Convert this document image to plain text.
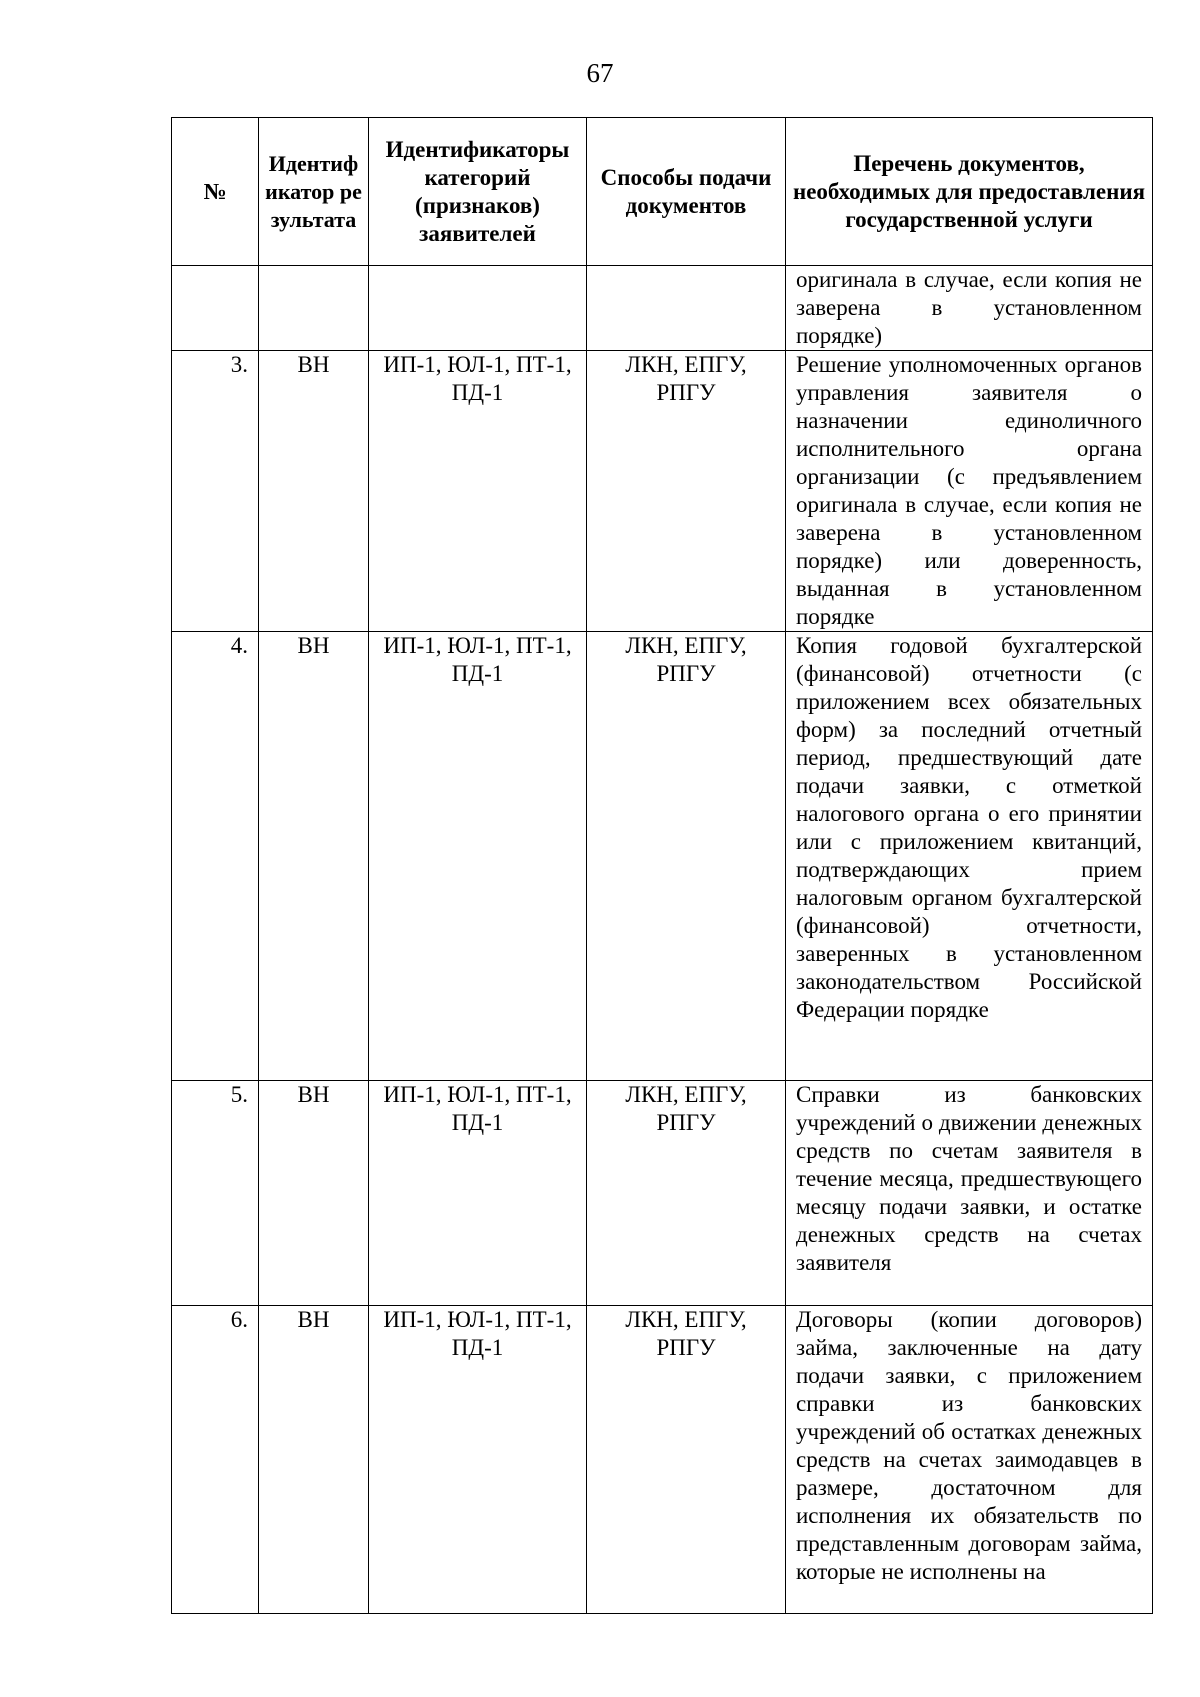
67
№	Идентификатор результата	Идентификаторы категорий (признаков) заявителей	Способы подачи документов	Перечень документов, необходимых для предоставления государственной услуги
				оригинала в случае, если копия не заверена в установленном порядке)
3.	ВН	ИП-1, ЮЛ-1, ПТ-1, ПД-1	ЛКН, ЕПГУ, РПГУ	Решение уполномоченных органов управления заявителя о назначении единоличного исполнительного органа организации (с предъявлением оригинала в случае, если копия не заверена в установленном порядке) или доверенность, выданная в установленном порядке
4.	ВН	ИП-1, ЮЛ-1, ПТ-1, ПД-1	ЛКН, ЕПГУ, РПГУ	Копия годовой бухгалтерской (финансовой) отчетности (с приложением всех обязательных форм) за последний отчетный период, предшествующий дате подачи заявки, с отметкой налогового органа о его принятии или с приложением квитанций, подтверждающих прием налоговым органом бухгалтерской (финансовой) отчетности, заверенных в установленном законодательством Российской Федерации порядке
5.	ВН	ИП-1, ЮЛ-1, ПТ-1, ПД-1	ЛКН, ЕПГУ, РПГУ	Справки из банковских учреждений о движении денежных средств по счетам заявителя в течение месяца, предшествующего месяцу подачи заявки, и остатке денежных средств на счетах заявителя
6.	ВН	ИП-1, ЮЛ-1, ПТ-1, ПД-1	ЛКН, ЕПГУ, РПГУ	Договоры (копии договоров) займа, заключенные на дату подачи заявки, с приложением справки из банковских учреждений об остатках денежных средств на счетах заимодавцев в размере, достаточном для исполнения их обязательств по представленным договорам займа, которые не исполнены на
